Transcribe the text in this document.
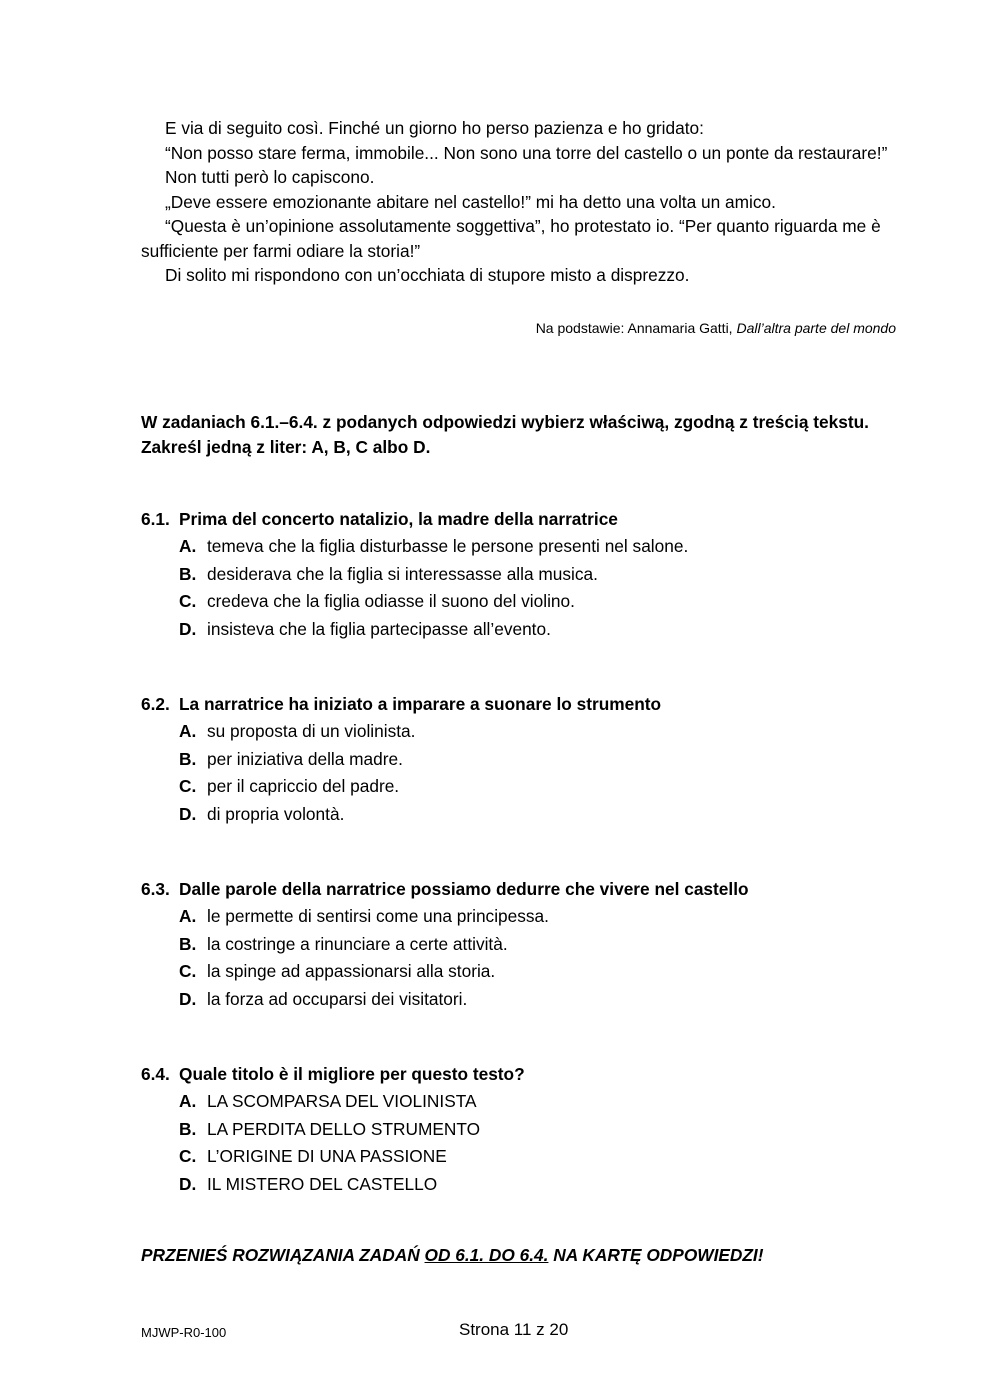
E via di seguito così. Finché un giorno ho perso pazienza e ho gridato:

“Non posso stare ferma, immobile... Non sono una torre del castello o un ponte da restaurare!”

Non tutti però lo capiscono.

„Deve essere emozionante abitare nel castello!” mi ha detto una volta un amico.

“Questa è un’opinione assolutamente soggettiva”, ho protestato io. “Per quanto riguarda me è sufficiente per farmi odiare la storia!”

Di solito mi rispondono con un’occhiata di stupore misto a disprezzo.

Na podstawie: Annamaria Gatti, Dall’altra parte del mondo
W zadaniach 6.1.–6.4. z podanych odpowiedzi wybierz właściwą, zgodną z treścią tekstu. Zakreśl jedną z liter: A, B, C albo D.
6.1. Prima del concerto natalizio, la madre della narratrice
A. temeva che la figlia disturbasse le persone presenti nel salone.
B. desiderava che la figlia si interessasse alla musica.
C. credeva che la figlia odiasse il suono del violino.
D. insisteva che la figlia partecipasse all’evento.
6.2. La narratrice ha iniziato a imparare a suonare lo strumento
A. su proposta di un violinista.
B. per iniziativa della madre.
C. per il capriccio del padre.
D. di propria volontà.
6.3. Dalle parole della narratrice possiamo dedurre che vivere nel castello
A. le permette di sentirsi come una principessa.
B. la costringe a rinunciare a certe attività.
C. la spinge ad appassionarsi alla storia.
D. la forza ad occuparsi dei visitatori.
6.4. Quale titolo è il migliore per questo testo?
A. LA SCOMPARSA DEL VIOLINISTA
B. LA PERDITA DELLO STRUMENTO
C. L’ORIGINE DI UNA PASSIONE
D. IL MISTERO DEL CASTELLO
PRZENIEŚ ROZWIĄZANIA ZADAŃ OD 6.1. DO 6.4. NA KARTĘ ODPOWIEDZI!
MJWP-R0-100	Strona 11 z 20
